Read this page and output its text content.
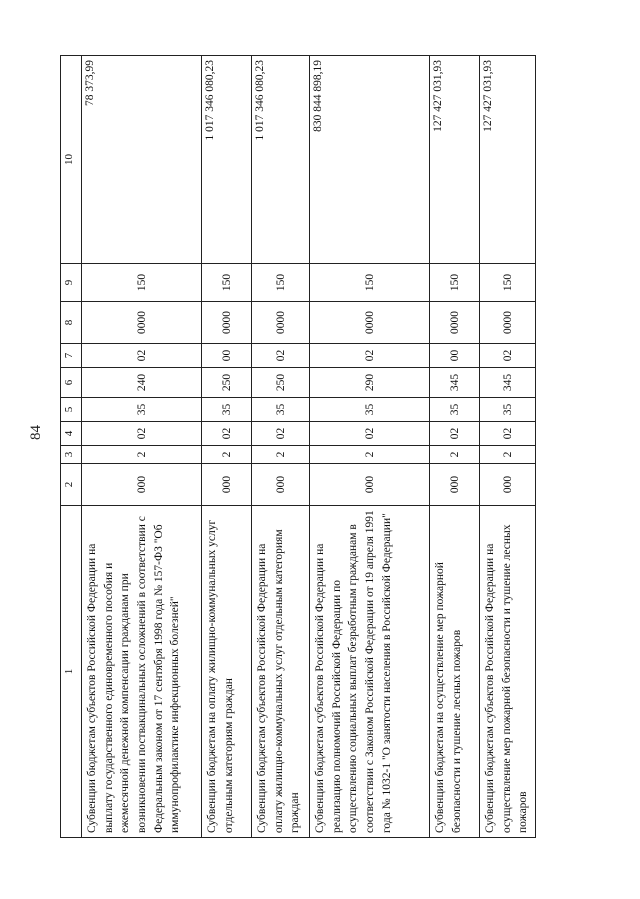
84
1	2	3	4	5	6	7	8	9	10
Субвенции бюджетам субъектов Российской Федерации на выплату государственного единовременного пособия и ежемесячной денежной компенсации гражданам при возникновении поствакцинальных осложнений в соответствии с Федеральным законом от 17 сентября 1998 года № 157-ФЗ "Об иммунопрофилактике инфекционных болезней"	000	2	02	35	240	02	0000	150	78 373,99
Субвенции бюджетам на оплату жилищно-коммунальных услуг отдельным категориям граждан	000	2	02	35	250	00	0000	150	1 017 346 080,23
Субвенции бюджетам субъектов Российской Федерации на оплату жилищно-коммунальных услуг отдельным категориям граждан	000	2	02	35	250	02	0000	150	1 017 346 080,23
Субвенции бюджетам субъектов Российской Федерации на реализацию полномочий Российской Федерации по осуществлению социальных выплат безработным гражданам в соответствии с Законом Российской Федерации от 19 апреля 1991 года № 1032-1 "О занятости населения в Российской Федерации"	000	2	02	35	290	02	0000	150	830 844 898,19
Субвенции бюджетам на осуществление мер пожарной безопасности и тушение лесных пожаров	000	2	02	35	345	00	0000	150	127 427 031,93
Субвенции бюджетам субъектов Российской Федерации на осуществление мер пожарной безопасности и тушение лесных пожаров	000	2	02	35	345	02	0000	150	127 427 031,93
